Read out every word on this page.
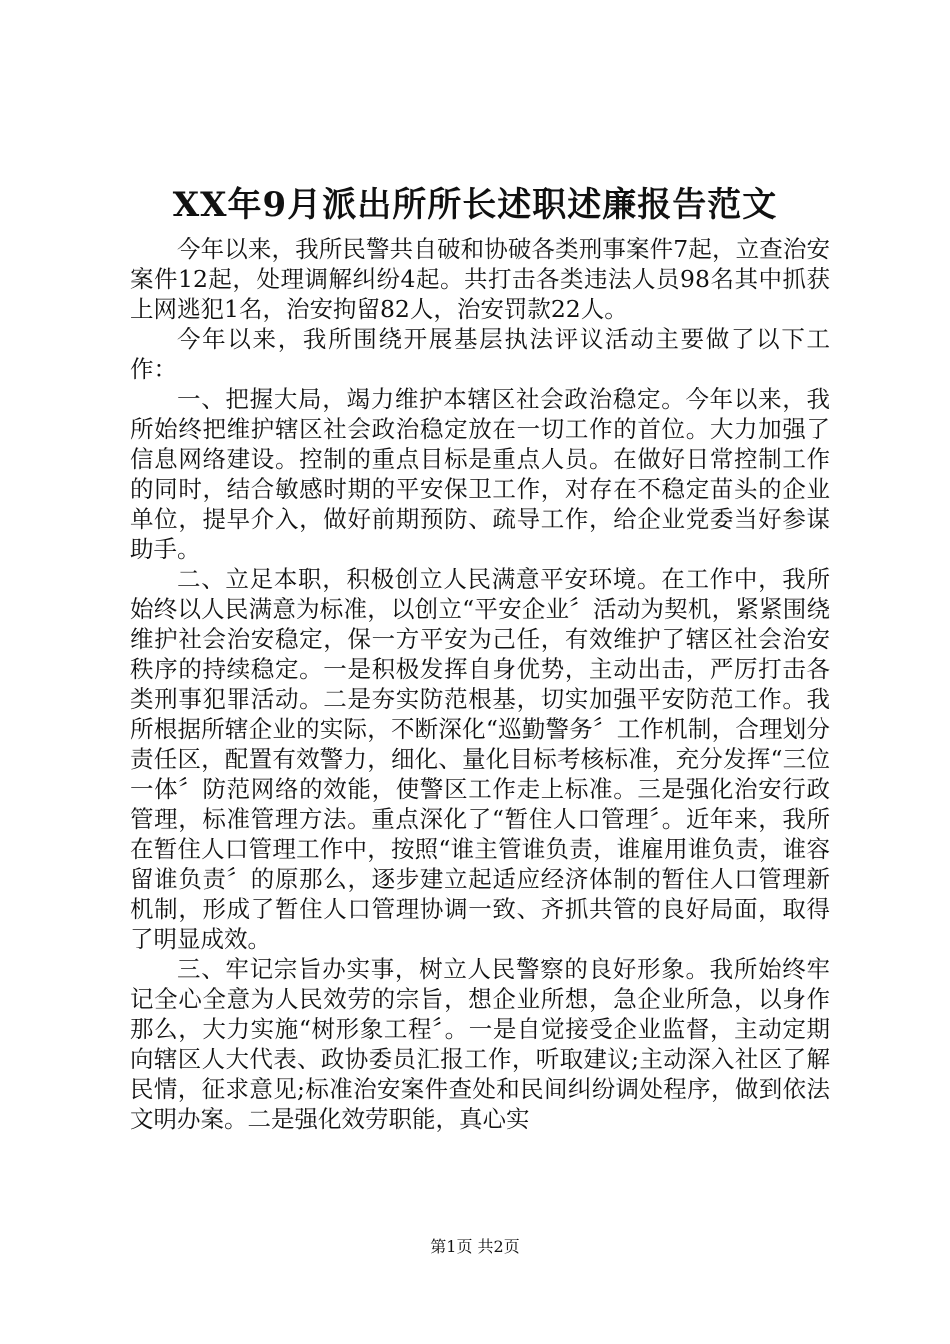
XX年9月派出所所长述职述廉报告范文

今年以来，我所民警共自破和协破各类刑事案件7起，立查治安案件12起，处理调解纠纷4起。共打击各类违法人员98名其中抓获上网逃犯1名，治安拘留82人，治安罚款22人。

今年以来，我所围绕开展基层执法评议活动主要做了以下工作：

一、把握大局，竭力维护本辖区社会政治稳定。今年以来，我所始终把维护辖区社会政治稳定放在一切工作的首位。大力加强了信息网络建设。控制的重点目标是重点人员。在做好日常控制工作的同时，结合敏感时期的平安保卫工作，对存在不稳定苗头的企业单位，提早介入，做好前期预防、疏导工作，给企业党委当好参谋助手。

二、立足本职，积极创立人民满意平安环境。在工作中，我所始终以人民满意为标准，以创立“平安企业〞活动为契机，紧紧围绕维护社会治安稳定，保一方平安为己任，有效维护了辖区社会治安秩序的持续稳定。一是积极发挥自身优势，主动出击，严厉打击各类刑事犯罪活动。二是夯实防范根基，切实加强平安防范工作。我所根据所辖企业的实际，不断深化“巡勤警务〞工作机制，合理划分责任区，配置有效警力，细化、量化目标考核标准，充分发挥“三位一体〞防范网络的效能，使警区工作走上标准。三是强化治安行政管理，标准管理方法。重点深化了“暂住人口管理〞。近年来，我所在暂住人口管理工作中，按照“谁主管谁负责，谁雇用谁负责，谁容留谁负责〞的原那么，逐步建立起适应经济体制的暂住人口管理新机制，形成了暂住人口管理协调一致、齐抓共管的良好局面，取得了明显成效。

三、牢记宗旨办实事，树立人民警察的良好形象。我所始终牢记全心全意为人民效劳的宗旨，想企业所想，急企业所急，以身作那么，大力实施“树形象工程〞。一是自觉接受企业监督，主动定期向辖区人大代表、政协委员汇报工作，听取建议;主动深入社区了解民情，征求意见;标准治安案件查处和民间纠纷调处程序，做到依法文明办案。二是强化效劳职能，真心实

第1页 共2页
